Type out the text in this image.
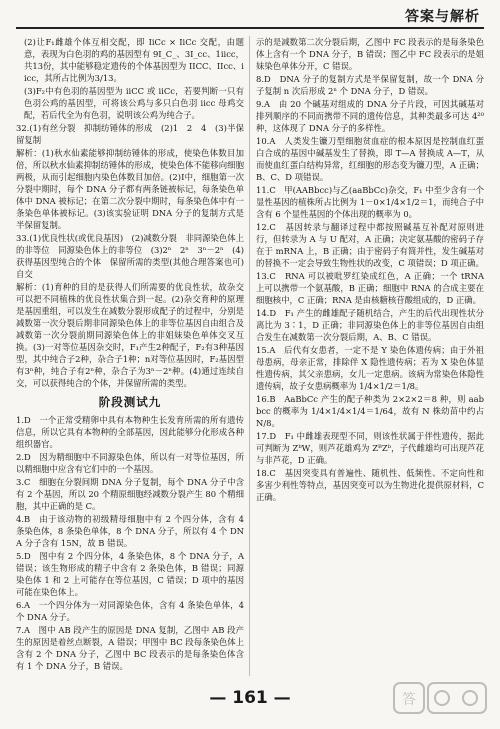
答案与解析

(2)让F₁雌雄个体互相交配，即 IiCc × IiCc 交配，由题意，表现为白色羽的鸡的基因型有 9I_C_、3I_cc、1iicc，共13份，其中能够稳定遗传的个体基因型为 IICC、IIcc、iicc，其所占比例为3/13。

(3)F₂中有色羽的基因型为 iiCC 或 iiCc，若要判断一只有色羽公鸡的基因型，可将该公鸡与多只白色羽 iicc 母鸡交配，若后代全为有色羽，说明该公鸡为纯合子。

32.(1)有丝分裂　抑制纺锤体的形成　(2)1　2　4　(3)半保留复制

解析：(1)秋水仙素能够抑制纺锤体的形成，使染色体数目加倍，所以秋水仙素抑制纺锤体的形成，使染色体不能移向细胞两极，从而引起细胞内染色体数目加倍。(2)Ⅰ中，细胞第一次分裂中期时，每个 DNA 分子都有两条链被标记，每条染色单体中 DNA 被标记；在第二次分裂中期时，每条染色体中有一条染色单体被标记。(3)该实验证明 DNA 分子的复制方式是半保留复制。

33.(1)优良性状(或优良基因)　(2)减数分裂　非同源染色体上的非等位　同源染色体上的非等位　(3)2ⁿ　2ⁿ　3ⁿ－2ⁿ　(4)获得基因型纯合的个体　保留所需的类型(其他合理答案也可)　自交

解析：(1)育种的目的是获得人们所需要的优良性状，故杂交可以把不同植株的优良性状集合到一起。(2)杂交育种的原理是基因重组，可以发生在减数分裂形成配子的过程中，分别是减数第一次分裂后期非同源染色体上的非等位基因自由组合及减数第一次分裂前期同源染色体上的非姐妹染色单体交叉互换。(3)一对等位基因杂交时，F₁产生2种配子，F₂有3种基因型，其中纯合子2种，杂合子1种；n对等位基因时，F₂基因型有3ⁿ种，纯合子有2ⁿ种，杂合子为3ⁿ－2ⁿ种。(4)通过连续自交，可以获得纯合的个体，并保留所需的类型。

阶段测试九

1.D　一个正常受精卵中具有本物种生长发育所需的所有遗传信息，所以它具有本物种的全部基因，因此能够分化形成各种组织器官。

2.D　因为精细胞中不同源染色体，所以有一对等位基因，所以精细胞中应含有它们中的一个基因。

3.C　细胞在分裂间期 DNA 分子复制，每个 DNA 分子中含有 2 个基因，所以 20 个精原细胞经减数分裂产生 80 个精细胞，其中正确的是 C。

4.B　由于该动物的初级精母细胞中有 2 个四分体，含有 4 条染色体，8 条染色单体，8 个 DNA 分子，所以有 4 个 DNA 分子含有 15N，故 B 错误。

5.D　图中有 2 个四分体，4 条染色体，8 个 DNA 分子，A 错误；该生物形成的精子中含有 2 条染色体，B 错误；同源染色体 1 和 2 上可能存在等位基因，C 错误；D 项中的基因可能在染色体上。

6.A　一个四分体为一对同源染色体，含有 4 条染色单体，4 个 DNA 分子。

7.A　图中 AB 段产生的原因是 DNA 复制，乙图中 AB 段产生的原因是着丝点断裂，A 错误；甲图中 BC 段每条染色体上含有 2 个 DNA 分子，乙图中 BC 段表示的是每条染色体含有 1 个 DNA 分子，B 错误。

示的是减数第二次分裂后期，乙图中 FC 段表示的是每条染色体上含有一个 DNA 分子，B 错误；图乙中 FC 段表示的是姐妹染色单体分开，C 错误。

8.D　DNA 分子的复制方式是半保留复制，故一个 DNA 分子复制 n 次后形成 2ⁿ 个 DNA 分子，D 错误。

9.A　由 20 个碱基对组成的 DNA 分子片段，可因其碱基对排列顺序的不同而携带不同的遗传信息，其种类最多可达 4²⁰ 种，这体现了 DNA 分子的多样性。

10.A　人类发生镰刀型细胞贫血症的根本原因是控制血红蛋白合成的基因中碱基发生了替换，即 T—A 替换成 A—T，从而使血红蛋白结构异常，红细胞的形态变为镰刀型，A 正确；B、C、D 项错误。

11.C　甲(AABbcc)与乙(aaBbCc)杂交，F₁ 中至少含有一个显性基因的植株所占比例为 1－0×1/4×1/2＝1，而纯合子中含有 6 个显性基因的个体出现的概率为 0。

12.C　基因转录与翻译过程中都按照碱基互补配对原则进行，但转录为 A 与 U 配对，A 正确；决定氨基酸的密码子存在于 mRNA 上，B 正确；由于密码子有简并性，发生碱基对的替换不一定会导致生物性状的改变，C 项错误；D 项正确。

13.C　RNA 可以被吡罗红染成红色，A 正确；一个 tRNA 上可以携带一个氨基酸，B 正确；细胞中 RNA 的合成主要在细胞核中，C 正确；RNA 是由核糖核苷酸组成的，D 正确。

14.D　F₁ 产生的雌雄配子随机结合，产生的后代出现性状分离比为 3∶1，D 正确；非同源染色体上的非等位基因自由组合发生在减数第一次分裂后期，A、B、C 错误。

15.A　后代有女患者，一定不是 Y 染色体遗传病；由于外祖母患病，母亲正常，排除伴 X 隐性遗传病；若为 X 染色体显性遗传病，其父亲患病，女儿一定患病。该病为常染色体隐性遗传病，故子女患病概率为 1/4×1/2＝1/8。

16.B　AaBbCc 产生的配子种类为 2×2×2＝8 种，则 aabbcc 的概率为 1/4×1/4×1/4＝1/64，故有 N 株幼苗中约占 N/8。

17.D　F₁ 中雌雄表现型不同，则该性状属于伴性遗传，据此可判断为 ZᵇW，则芦花雄鸡为 ZᴮZᵇ，子代雌雄均可出现芦花与非芦花，D 正确。

18.C　基因突变具有普遍性、随机性、低频性、不定向性和多害少利性等特点，基因突变可以为生物进化提供原材料，C 正确。

— 161 —	答
